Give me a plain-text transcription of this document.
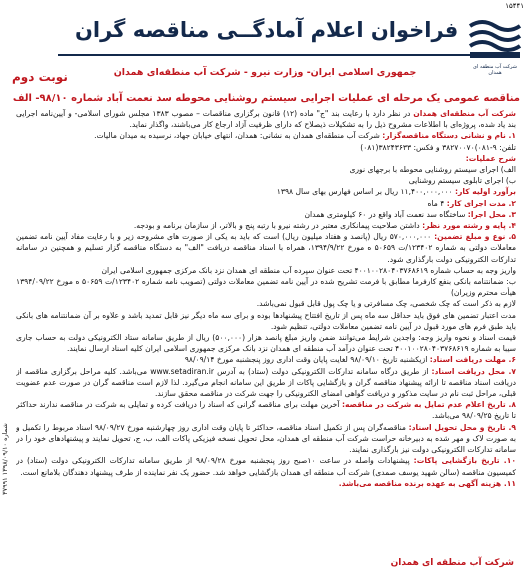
۱۵۴۴۱
فراخوان اعلام آمادگــی مناقصه گران
شرکت آب منطقه ای همدان
نوبت دوم	جمهوری اسلامی ایران- وزارت نیرو - شرکت آب منطقه‌ای همدان
مناقصه عمومی یک مرحله ای عملیات اجرایی سیستم روشنایی محوطه سد نعمت آباد شماره ۹۸/۱۰- الف

شرکت آب منطقه‌ای همدان در نظر دارد با رعایت بند "ج" ماده (۱۲) قانون برگزاری مناقصات – مصوب ۱۳۸۳ مجلس شورای اسلامی- و آیین‌نامه اجرایی بند یاد شده، پروژه‌ای با اطلاعات مشروح ذیل را به تشکیلات ذیصلاح که دارای ظرفیت آزاد ارجاع کار می‌باشند، واگذار نماید.

۱. نام و نشانی دستگاه مناقصه‌گزار: شرکت آب منطقه‌ای همدان به نشانی: همدان، انتهای خیابان جهاد، نرسیده به میدان مالیات.

تلفن: ۹-۰۸۱)۳۸۲۷۰۰۷۰ و فکس: ۳۸۲۴۳۶۳۳(۰۸۱)

شرح عملیات:

الف) اجرای سیستم روشنایی محوطه با برجهای نوری

ب) اجرای تابلوی سیستم روشنایی

برآورد اولیه کار: ۱۱,۴۰۰,۰۰۰,۰۰۰ ریال بر اساس فهارس بهای سال ۱۳۹۸

۲. مدت اجرای کار: ۴ ماه

۳. محل اجرا: ساختگاه سد نعمت آباد واقع در ۶۰ کیلومتری همدان

۴. پایه و رشته مورد نظر: داشتن صلاحیت پیمانکاری معتبر در رشته نیرو با رتبه پنج و بالاتر، از سازمان برنامه و بودجه.

۵. نوع و مبلغ تضمین: ۵۷۰,۰۰۰,۰۰۰ ریال (پانصد و هفتاد میلیون ریال) است که باید به یکی از صورت های مشروحه زیر و با رعایت مفاد آیین نامه تضمین معاملات دولتی به شماره ۱۲۳۴۰۲/ت ۵۰۶۵۹ ه مورخ ۱۳۹۴/۹/۲۲، همراه با اسناد مناقصه دریافت "الف" به دستگاه مناقصه گزار تسلیم و همچنین در سامانه تدارکات الکترونیکی دولت بارگذاری شود.

واریز وجه به حساب شماره ۴۰۰۱۰۰۲۸۰۴۰۳۷۶۸۶۱۹ تحت عنوان سپرده آب منطقه ای همدان نزد بانک مرکزی جمهوری اسلامی ایران

ب: ضمانتنامه بانکی بنفع کارفرما مطابق با فرمت تشریح شده در آیین نامه تضمین معاملات دولتی (تصویب نامه شماره ۱۲۳۴۰۲/ت ۵۰۶۵۹ ه مورخ ۱۳۹۴/۰۹/۲۲ هیأت محترم وزیران)

لازم به ذکر است که چک شخصی، چک مسافرتی و یا چک پول قابل قبول نمی‌باشد.

مدت اعتبار تضمین های فوق باید حداقل سه ماه پس از تاریخ افتتاح پیشنهادها بوده و برای سه ماه دیگر نیز قابل تمدید باشد و علاوه بر آن ضمانتنامه های بانکی باید طبق فرم های مورد قبول در آیین نامه تضمین معاملات دولتی، تنظیم شود.

قیمت اسناد و نحوه واریز وجه: واجدین شرایط می‌توانند ضمن واریز مبلغ پانصد هزار (۵۰۰,۰۰۰) ریال از طریق سامانه ستاد الکترونیکی دولت به حساب جاری سیبا به شماره ۴۰۰۱۰۰۲۸۰۴۰۳۷۶۸۶۱۹ تحت عنوان درآمد آب منطقه ای همدان نزد بانک مرکزی جمهوری اسلامی ایران کلیه اسناد ارسال نمایند.

۶. مهلت دریافت اسناد: ازیکشنبه تاریخ ۹۸/۰۹/۱۰ لغایت پایان وقت اداری روز پنجشنبه مورخ ۹۸/۰۹/۱۴

۷. محل دریافت اسناد: از طریق درگاه سامانه تدارکات الکترونیکی دولت (ستاد) به آدرس www.setadiran.ir می‌باشد. کلیه مراحل برگزاری مناقصه از دریافت اسناد مناقصه تا ارائه پیشنهاد مناقصه گران و بازگشایی پاکات از طریق این سامانه انجام می‌گیرد. لذا لازم است مناقصه گران در صورت عدم عضویت قبلی، مراحل ثبت نام در سایت مذکور و دریافت گواهی امضای الکترونیکی را جهت شرکت در مناقصه محقق سازند.

۸. تاریخ اعلام عدم تمایل به شرکت در مناقصه: آخرین مهلت برای مناقصه گرانی که اسناد را دریافت کرده و تمایلی به شرکت در مناقصه ندارند حداکثر تا تاریخ ۹۸/۰۹/۲۵ می‌باشد.

۹. تاریخ و محل تحویل اسناد: مناقصه‌گران پس از تکمیل اسناد مناقصه، حداکثر تا پایان وقت اداری روز چهارشنبه مورخ ۹۸/۰۹/۲۷ اسناد مربوط را تکمیل و به صورت لاک و مهر شده به دبیرخانه حراست شرکت آب منطقه ای همدان، محل تحویل نسخه فیزیکی پاکات الف، ب، ج، تحویل نمایند و پیشنهادهای خود را در سامانه تدارکات الکترونیکی دولت نیز بارگذاری نمایند.

۱۰. تاریخ بازگشایی پاکات: پیشنهادات واصله در ساعت ۱۰صبح روز پنجشنبه مورخ ۹۸/۰۹/۲۸ از طریق سامانه تدارکات الکترونیکی دولت (ستاد) در کمیسیون مناقصه (سالن شهید یوسف صمدی) شرکت آب منطقه ای همدان بازگشایی خواهد شد. حضور یک نفر نماینده از طرف پیشنهاد دهندگان بلامانع است.

۱۱. هزینه آگهی به عهده برنده مناقصه می‌باشد.

شماره ۱۳۹۸/۰۹/۱۰ ۳۷۹۹۱
شرکت آب منطقه ای همدان
